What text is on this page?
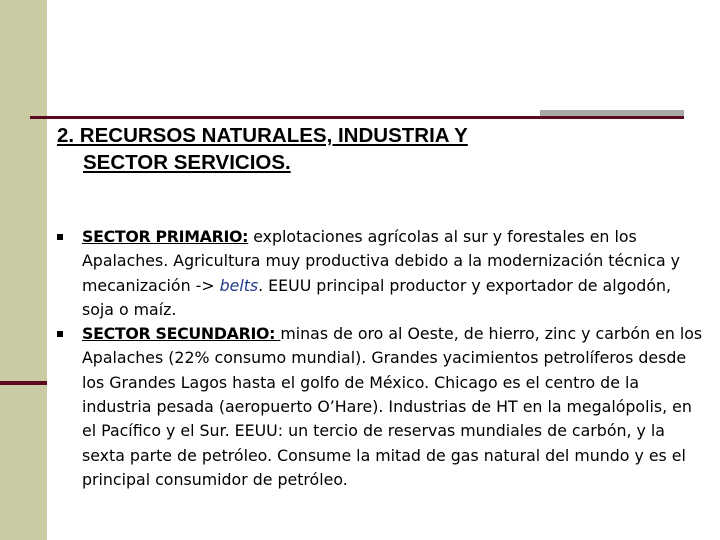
2. RECURSOS NATURALES, INDUSTRIA Y
SECTOR SERVICIOS.
SECTOR PRIMARIO: explotaciones agrícolas al sur y forestales en los Apalaches. Agricultura muy productiva debido a la modernización técnica y mecanización -> belts. EEUU principal productor y exportador de algodón, soja o maíz.
SECTOR SECUNDARIO: minas de oro al Oeste, de hierro, zinc y carbón en los Apalaches (22% consumo mundial). Grandes yacimientos petrolíferos desde los Grandes Lagos hasta el golfo de México. Chicago es el centro de la industria pesada (aeropuerto O’Hare). Industrias de HT en la megalópolis, en el Pacífico y el Sur. EEUU: un tercio de reservas mundiales de carbón, y la sexta parte de petróleo. Consume la mitad de gas natural del mundo y es el principal consumidor de petróleo.
